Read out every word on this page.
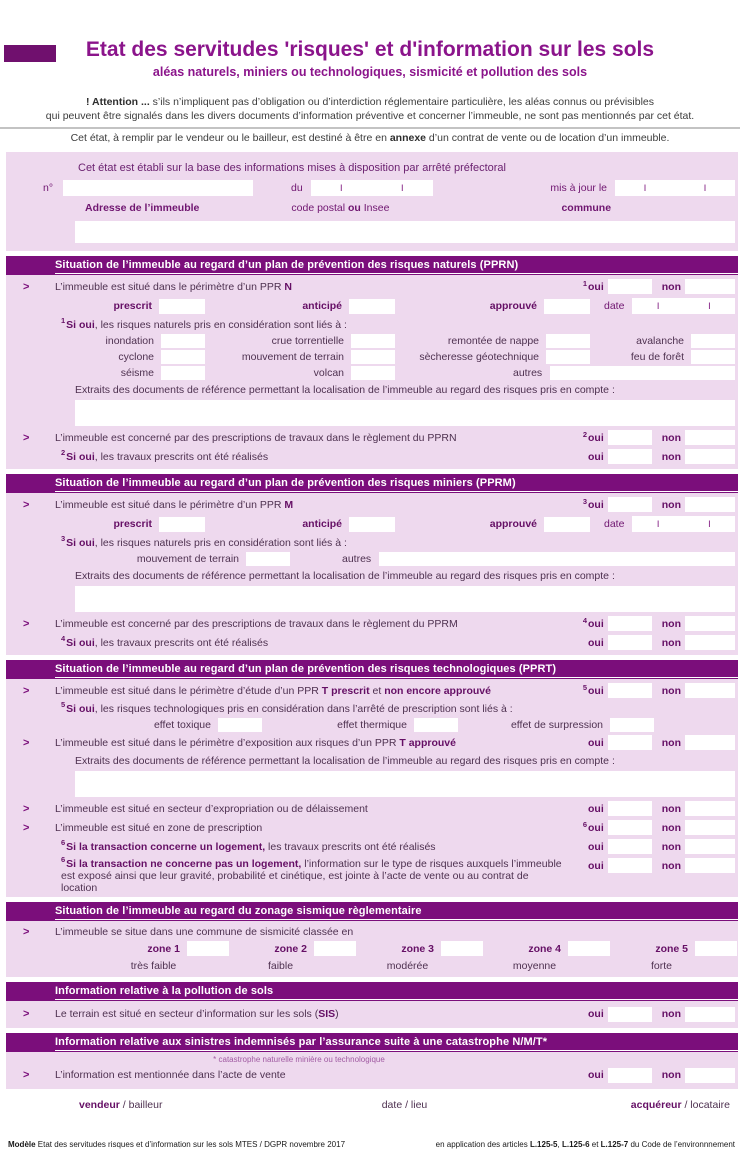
Etat des servitudes 'risques' et d'information sur les sols
aléas naturels, miniers ou technologiques, sismicité et pollution des sols
! Attention ... s’ils n’impliquent pas d’obligation ou d’interdiction réglementaire particulière, les aléas connus ou prévisibles
qui peuvent être signalés dans les divers documents d’information préventive et concerner l’immeuble, ne sont pas mentionnés par cet état.
Cet état, à remplir par le vendeur ou le bailleur, est destiné à être en annexe d’un contrat de vente ou de location d’un immeuble.
Cet état est établi sur la base des informations mises à disposition par arrêté préfectoral
n°	du	I	I	mis à jour le	I	I
Adresse de l’immeuble	code postal ou Insee	commune
Situation de l’immeuble au regard d’un plan de prévention des risques naturels (PPRN)
>	L’immeuble est situé dans le périmètre d’un PPR N	1 oui	non
prescrit	anticipé	approuvé	date	I	I
$^1$Si oui, les risques naturels pris en considération sont liés à :
inondation	crue torrentielle	remontée de nappe	avalanche
cyclone	mouvement de terrain	sècheresse géotechnique	feu de forêt
séisme	volcan	autres
Extraits des documents de référence permettant la localisation de l’immeuble au regard des risques pris en compte :
>	L’immeuble est concerné par des prescriptions de travaux dans le règlement du PPRN	2 oui	non
$^2$Si oui, les travaux prescrits ont été réalisés	oui	non
Situation de l’immeuble au regard d’un plan de prévention des risques miniers (PPRM)
>	L’immeuble est situé dans le périmètre d’un PPR M	3 oui	non
prescrit	anticipé	approuvé	date	I	I
$^3$Si oui, les risques naturels pris en considération sont liés à :
mouvement de terrain	autres
Extraits des documents de référence permettant la localisation de l’immeuble au regard des risques pris en compte :
>	L’immeuble est concerné par des prescriptions de travaux dans le règlement du PPRM	4 oui	non
$^4$Si oui, les travaux prescrits ont été réalisés	oui	non
Situation de l’immeuble au regard d’un plan de prévention des risques technologiques (PPRT)
>	L’immeuble est situé dans le périmètre d’étude d’un PPR T prescrit et non encore approuvé	5 oui	non
$^5$Si oui, les risques technologiques pris en considération dans l’arrêté de prescription sont liés à :
effet toxique	effet thermique	effet de surpression
>	L’immeuble est situé dans le périmètre d’exposition aux risques d’un PPR T approuvé	oui	non
Extraits des documents de référence permettant la localisation de l’immeuble au regard des risques pris en compte :
>	L’immeuble est situé en secteur d’expropriation ou de délaissement	oui	non
>	L’immeuble est situé en zone de prescription	6 oui	non
$^6$Si la transaction concerne un logement, les travaux prescrits ont été réalisés	oui	non
$^6$Si la transaction ne concerne pas un logement, l’information sur le type de risques auxquels l’immeuble
est exposé ainsi que leur gravité, probabilité et cinétique, est jointe à l’acte de vente ou au contrat de location
oui	non
Situation de l’immeuble au regard du zonage sismique règlementaire
>	L’immeuble se situe dans une commune de sismicité classée en
zone 1	zone 2	zone 3	zone 4	zone 5
très faible	faible	modérée	moyenne	forte
Information relative à la pollution de sols
>	Le terrain est situé en secteur d’information sur les sols (SIS)	oui	non
Information relative aux sinistres indemnisés par l’assurance suite à une catastrophe N/M/T*
* catastrophe naturelle minière ou technologique
>	L’information est mentionnée dans l’acte de vente	oui	non
vendeur / bailleur	date / lieu	acquéreur / locataire
Modèle Etat des servitudes risques et d’information sur les sols MTES / DGPR novembre 2017	en application des articles L.125-5, L.125-6 et L.125-7 du Code de l’environnnement
